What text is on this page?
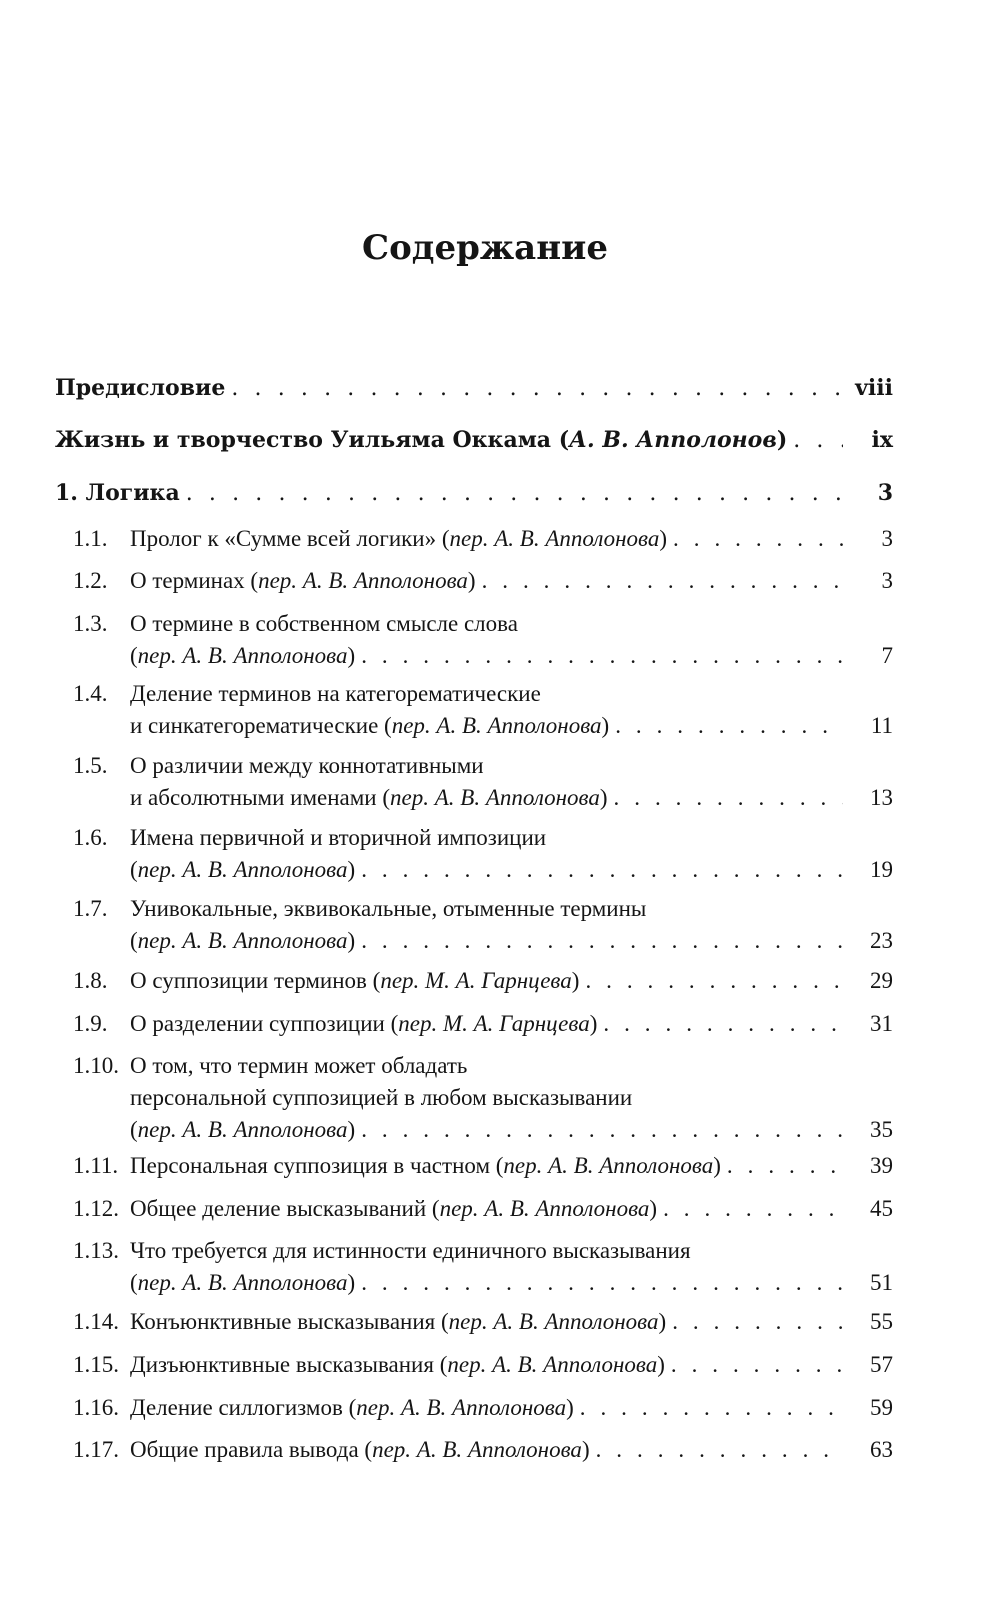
Содержание
Предисловие . . .	viii
Жизнь и творчество Уильяма Оккама ( А. В. Апполонов ) . . .	ix
1. Логика . . .	3
1.1. Пролог к «Сумме всей логики» (пер. А. В. Апполонова) . . .	3
1.2. О терминах (пер. А. В. Апполонова) . . .	3
1.3. О термине в собственном смысле слова
(пер. А. В. Апполонова) . . .	7
1.4. Деление терминов на категорематические
и синкатегорематические (пер. А. В. Апполонова) . . .	11
1.5. О различии между коннотативными
и абсолютными именами (пер. А. В. Апполонова) . . .	13
1.6. Имена первичной и вторичной импозиции
(пер. А. В. Апполонова) . . .	19
1.7. Унивокальные, эквивокальные, отыменные термины
(пер. А. В. Апполонова) . . .	23
1.8. О суппозиции терминов (пер. М. А. Гарнцева) . . .	29
1.9. О разделении суппозиции (пер. М. А. Гарнцева) . . .	31
1.10. О том, что термин может обладать
персональной суппозицией в любом высказывании
(пер. А. В. Апполонова) . . .	35
1.11. Персональная суппозиция в частном (пер. А. В. Апполонова) . . .	39
1.12. Общее деление высказываний (пер. А. В. Апполонова) . . .	45
1.13. Что требуется для истинности единичного высказывания
(пер. А. В. Апполонова) . . .	51
1.14. Конъюнктивные высказывания (пер. А. В. Апполонова) . . .	55
1.15. Дизъюнктивные высказывания (пер. А. В. Апполонова) . . .	57
1.16. Деление силлогизмов (пер. А. В. Апполонова) . . .	59
1.17. Общие правила вывода (пер. А. В. Апполонова) . . .	63
